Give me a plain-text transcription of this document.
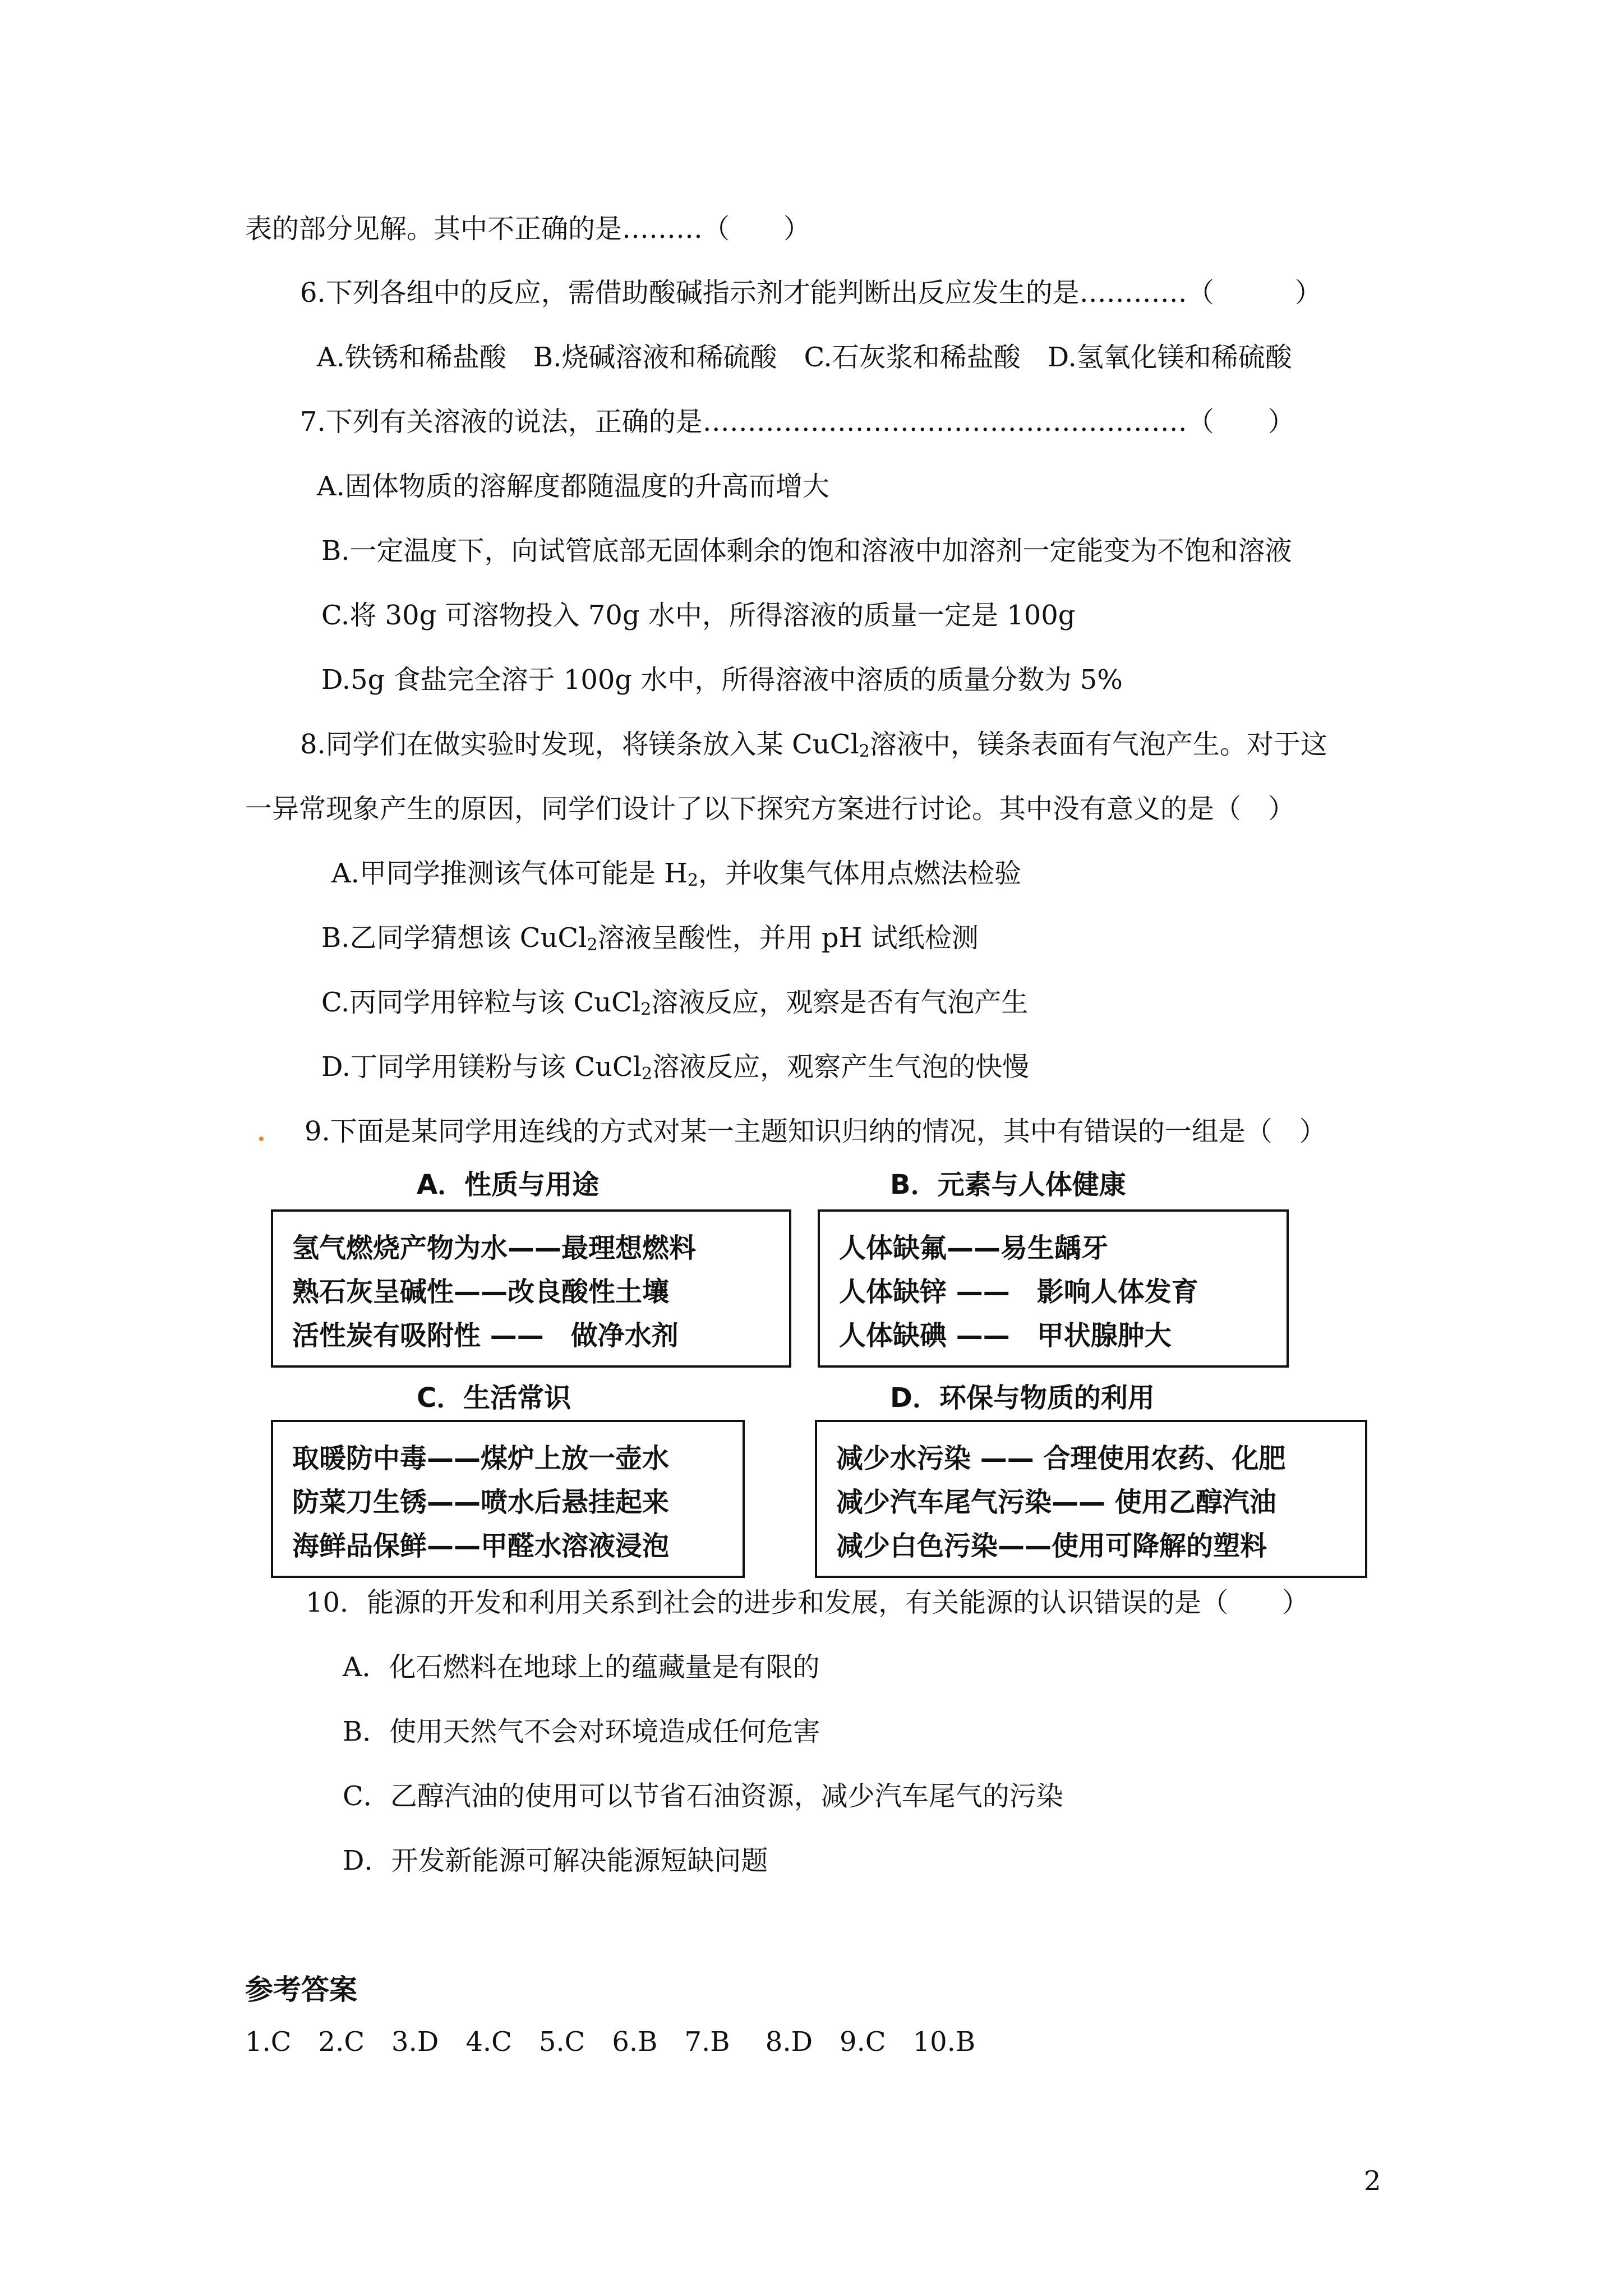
表的部分见解。其中不正确的是………（　　）
6.下列各组中的反应，需借助酸碱指示剂才能判断出反应发生的是…………（　　　）
A.铁锈和稀盐酸　B.烧碱溶液和稀硫酸　C.石灰浆和稀盐酸　D.氢氧化镁和稀硫酸
7.下列有关溶液的说法，正确的是………………………………………………（　　）
A.固体物质的溶解度都随温度的升高而增大
B.一定温度下，向试管底部无固体剩余的饱和溶液中加溶剂一定能变为不饱和溶液
C.将 30g 可溶物投入 70g 水中，所得溶液的质量一定是 100g
D.5g 食盐完全溶于 100g 水中，所得溶液中溶质的质量分数为 5%
8.同学们在做实验时发现，将镁条放入某 CuCl$_2$溶液中，镁条表面有气泡产生。对于这
一异常现象产生的原因，同学们设计了以下探究方案进行讨论。其中没有意义的是（　）
A.甲同学推测该气体可能是 $H_2$，并收集气体用点燃法检验
B.乙同学猜想该 CuCl$_2$溶液呈酸性，并用 pH 试纸检测
C.丙同学用锌粒与该 CuCl$_2$溶液反应，观察是否有气泡产生
D.丁同学用镁粉与该 CuCl$_2$溶液反应，观察产生气泡的快慢
9.下面是某同学用连线的方式对某一主题知识归纳的情况，其中有错误的一组是（　）
A．性质与用途	B．元素与人体健康
氢气燃烧产物为水——最理想燃料
熟石灰呈碱性——改良酸性土壤
活性炭有吸附性 ——　做净水剂
人体缺氟——易生龋牙
人体缺锌 ——　影响人体发育
人体缺碘 ——　甲状腺肿大
C．生活常识	D．环保与物质的利用
取暖防中毒——煤炉上放一壶水
防菜刀生锈——喷水后悬挂起来
海鲜品保鲜——甲醛水溶液浸泡
减少水污染 —— 合理使用农药、化肥
减少汽车尾气污染—— 使用乙醇汽油
减少白色污染——使用可降解的塑料
10．能源的开发和利用关系到社会的进步和发展，有关能源的认识错误的是（　　）
A．化石燃料在地球上的蕴藏量是有限的
B．使用天然气不会对环境造成任何危害
C．乙醇汽油的使用可以节省石油资源，减少汽车尾气的污染
D．开发新能源可解决能源短缺问题
参考答案
1.C　2.C　3.D　4.C　5.C　6.B　7.B　 8.D　9.C　10.B
2
